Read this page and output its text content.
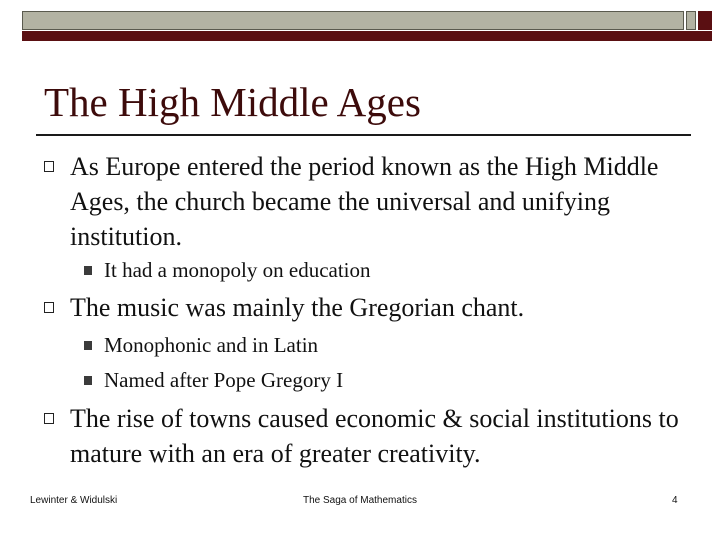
The High Middle Ages
As Europe entered the period known as the High Middle Ages, the church became the universal and unifying institution.
It had a monopoly on education
The music was mainly the Gregorian chant.
Monophonic and in Latin
Named after Pope Gregory I
The rise of towns caused economic & social institutions to mature with an era of greater creativity.
Lewinter & Widulski	The Saga of Mathematics	4
